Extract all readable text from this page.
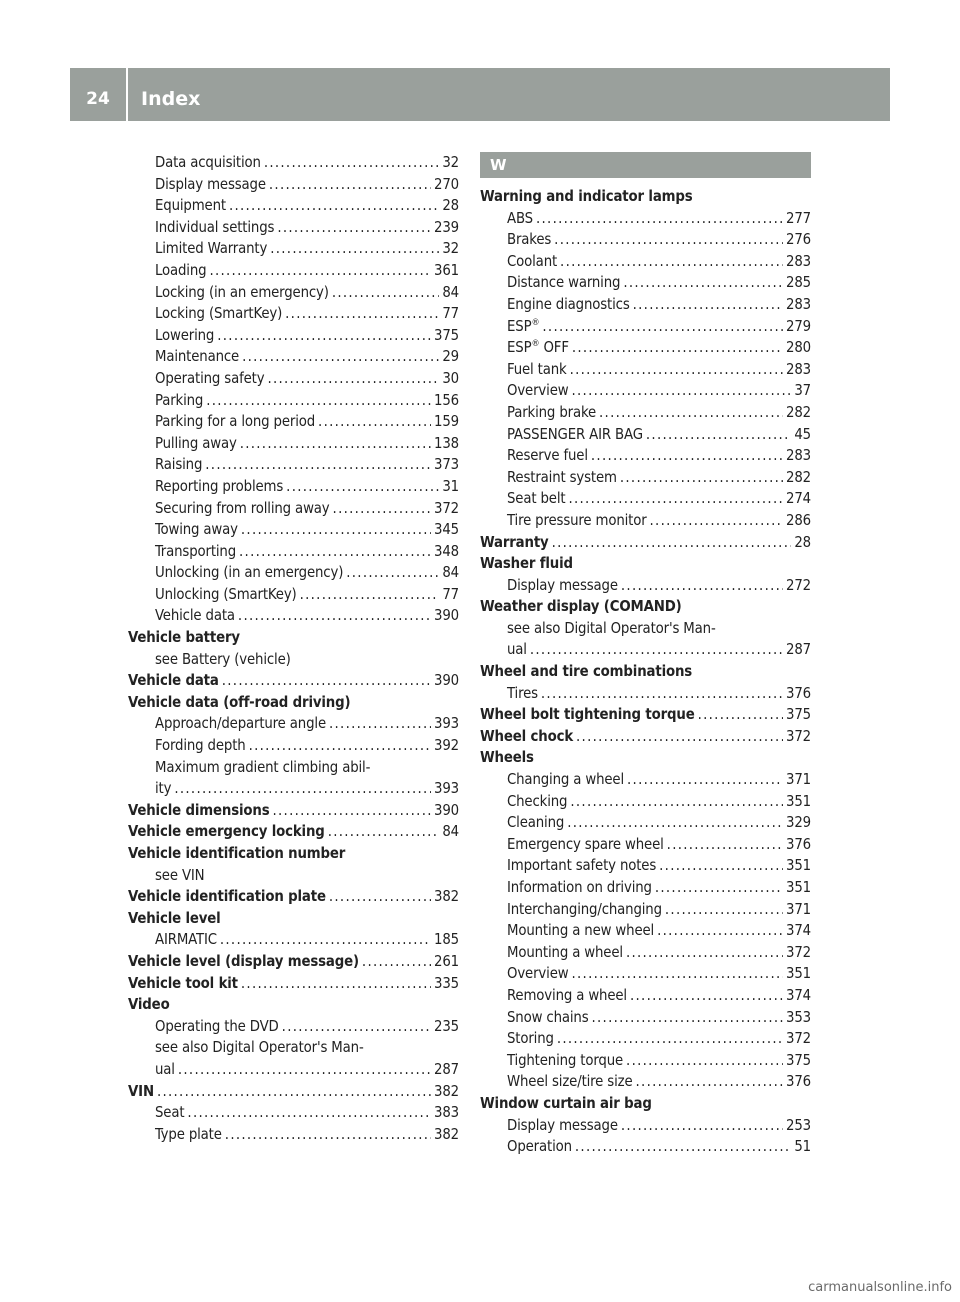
24	Index
Data acquisition .....	32
Display message .....	270
Equipment .....	28
Individual settings .....	239
Limited Warranty .....	32
Loading .....	361
Locking (in an emergency) .....	84
Locking (SmartKey) .....	77
Lowering .....	375
Maintenance .....	29
Operating safety .....	30
Parking .....	156
Parking for a long period .....	159
Pulling away .....	138
Raising .....	373
Reporting problems .....	31
Securing from rolling away .....	372
Towing away .....	345
Transporting .....	348
Unlocking (in an emergency) .....	84
Unlocking (SmartKey) .....	77
Vehicle data .....	390
Vehicle battery
see Battery (vehicle)
Vehicle data .....	390
Vehicle data (off-road driving)
Approach/departure angle .....	393
Fording depth .....	392
Maximum gradient climbing abil-
ity .....	393
Vehicle dimensions .....	390
Vehicle emergency locking .....	84
Vehicle identification number
see VIN
Vehicle identification plate .....	382
Vehicle level
AIRMATIC .....	185
Vehicle level (display message) .....	261
Vehicle tool kit .....	335
Video
Operating the DVD .....	235
see also Digital Operator's Man-
ual .....	287
VIN .....	382
Seat .....	383
Type plate .....	382
W
Warning and indicator lamps
ABS .....	277
Brakes .....	276
Coolant .....	283
Distance warning .....	285
Engine diagnostics .....	283
ESP® .....	279
ESP® OFF .....	280
Fuel tank .....	283
Overview .....	37
Parking brake .....	282
PASSENGER AIR BAG .....	45
Reserve fuel .....	283
Restraint system .....	282
Seat belt .....	274
Tire pressure monitor .....	286
Warranty .....	28
Washer fluid
Display message .....	272
Weather display (COMAND)
see also Digital Operator's Man-
ual .....	287
Wheel and tire combinations
Tires .....	376
Wheel bolt tightening torque .....	375
Wheel chock .....	372
Wheels
Changing a wheel .....	371
Checking .....	351
Cleaning .....	329
Emergency spare wheel .....	376
Important safety notes .....	351
Information on driving .....	351
Interchanging/changing .....	371
Mounting a new wheel .....	374
Mounting a wheel .....	372
Overview .....	351
Removing a wheel .....	374
Snow chains .....	353
Storing .....	372
Tightening torque .....	375
Wheel size/tire size .....	376
Window curtain air bag
Display message .....	253
Operation .....	51
carmanualsonline.info
